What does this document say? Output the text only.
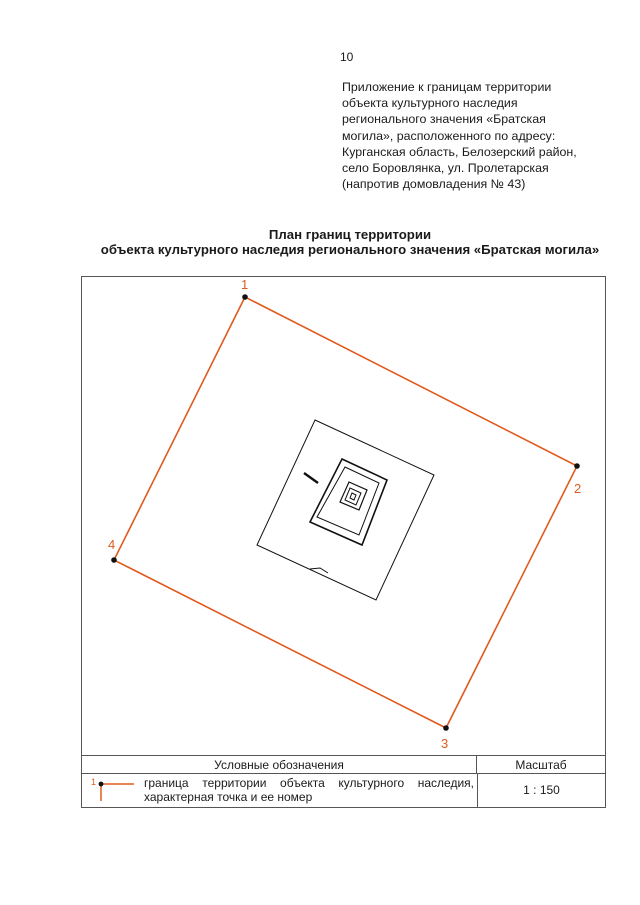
10
Приложение к границам территории
объекта культурного наследия
регионального значения «Братская
могила», расположенного по адресу:
Курганская область, Белозерский район,
село Боровлянка, ул. Пролетарская
(напротив домовладения № 43)
План границ территории
объекта культурного наследия регионального значения «Братская могила»
1
2
3
4
Условные обозначения	Масштаб
1	граница территории объекта культурного наследия, характерная точка и ее номер	1 : 150
